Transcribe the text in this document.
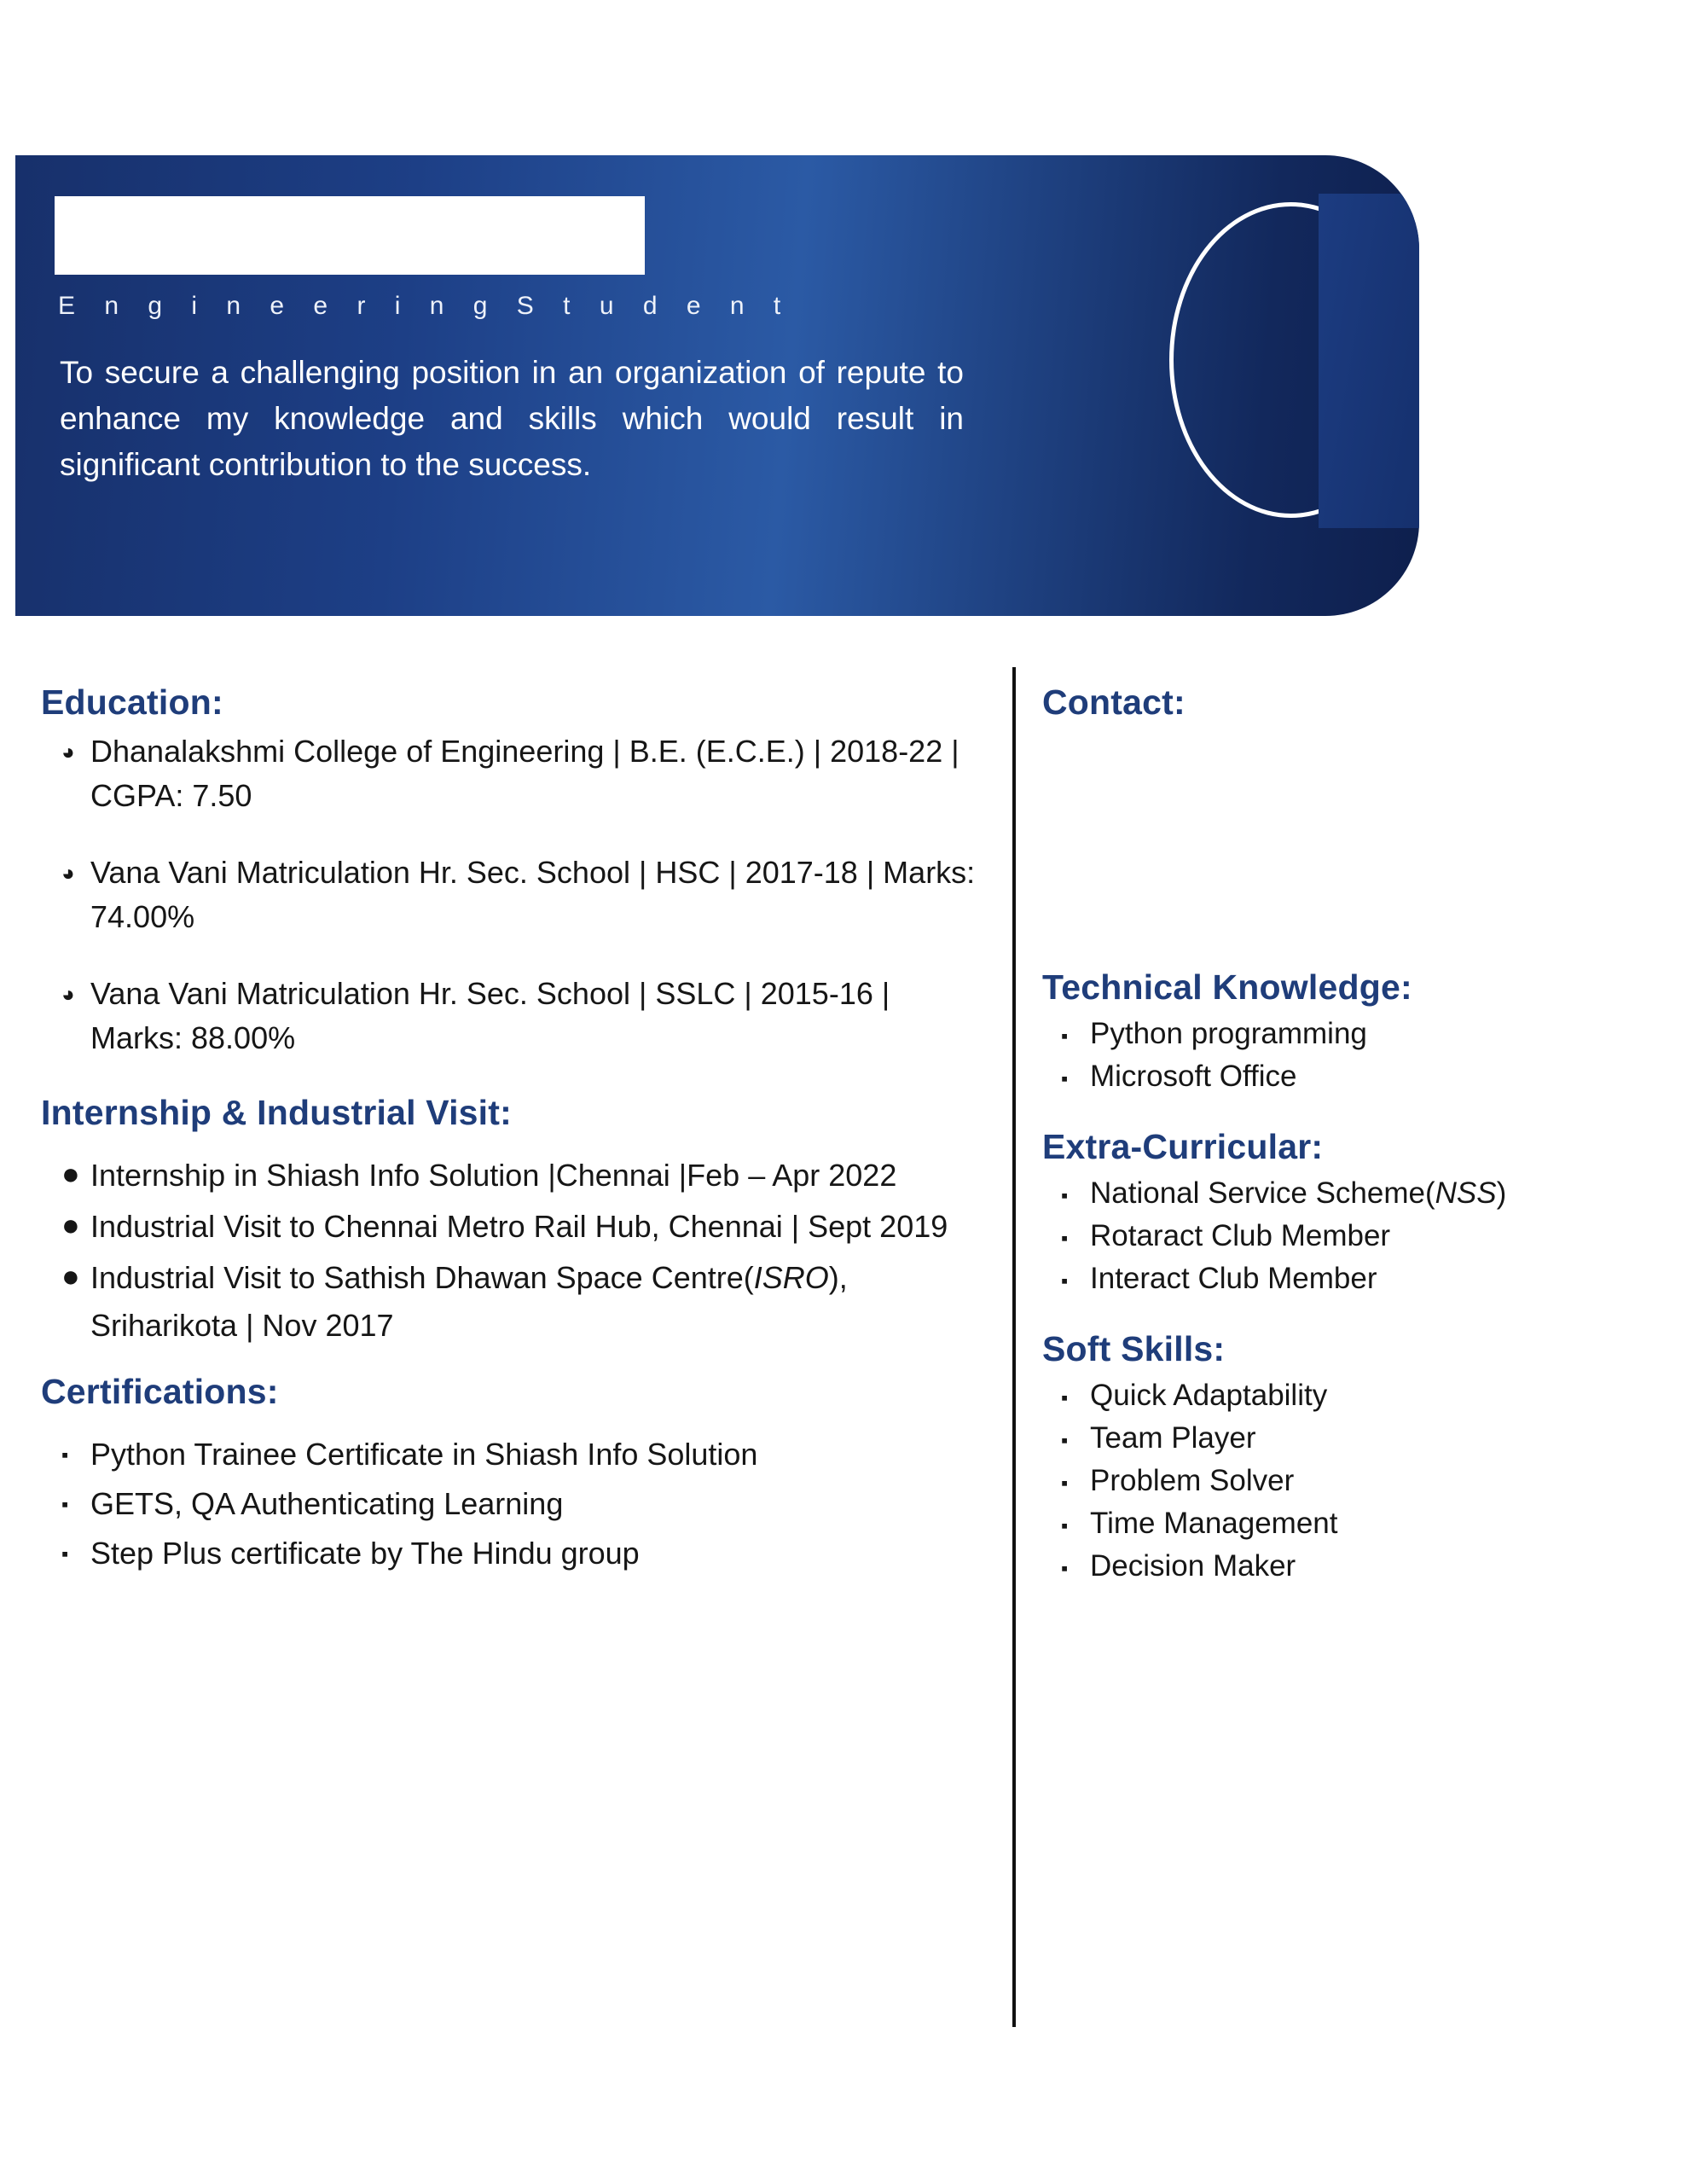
E n g i n e e r i n g S t u d e n t
To secure a challenging position in an organization of repute to enhance my knowledge and skills which would result in significant contribution to the success.
Education:
◕ Dhanalakshmi College of Engineering | B.E. (E.C.E.) | 2018-22 | CGPA: 7.50
◕ Vana Vani Matriculation Hr. Sec. School | HSC | 2017-18 | Marks: 74.00%
◕ Vana Vani Matriculation Hr. Sec. School | SSLC | 2015-16 | Marks: 88.00%
Internship & Industrial Visit:
● Internship in Shiash Info Solution |Chennai |Feb – Apr 2022
● Industrial Visit to Chennai Metro Rail Hub, Chennai | Sept 2019
● Industrial Visit to Sathish Dhawan Space Centre(ISRO), Sriharikota | Nov 2017
Certifications:
▪ Python Trainee Certificate in Shiash Info Solution
▪ GETS, QA Authenticating Learning
▪ Step Plus certificate by The Hindu group
Contact:
Technical Knowledge:
▪ Python programming
▪ Microsoft Office
Extra-Curricular:
▪ National Service Scheme(NSS)
▪ Rotaract Club Member
▪ Interact Club Member
Soft Skills:
▪ Quick Adaptability
▪ Team Player
▪ Problem Solver
▪ Time Management
▪ Decision Maker
